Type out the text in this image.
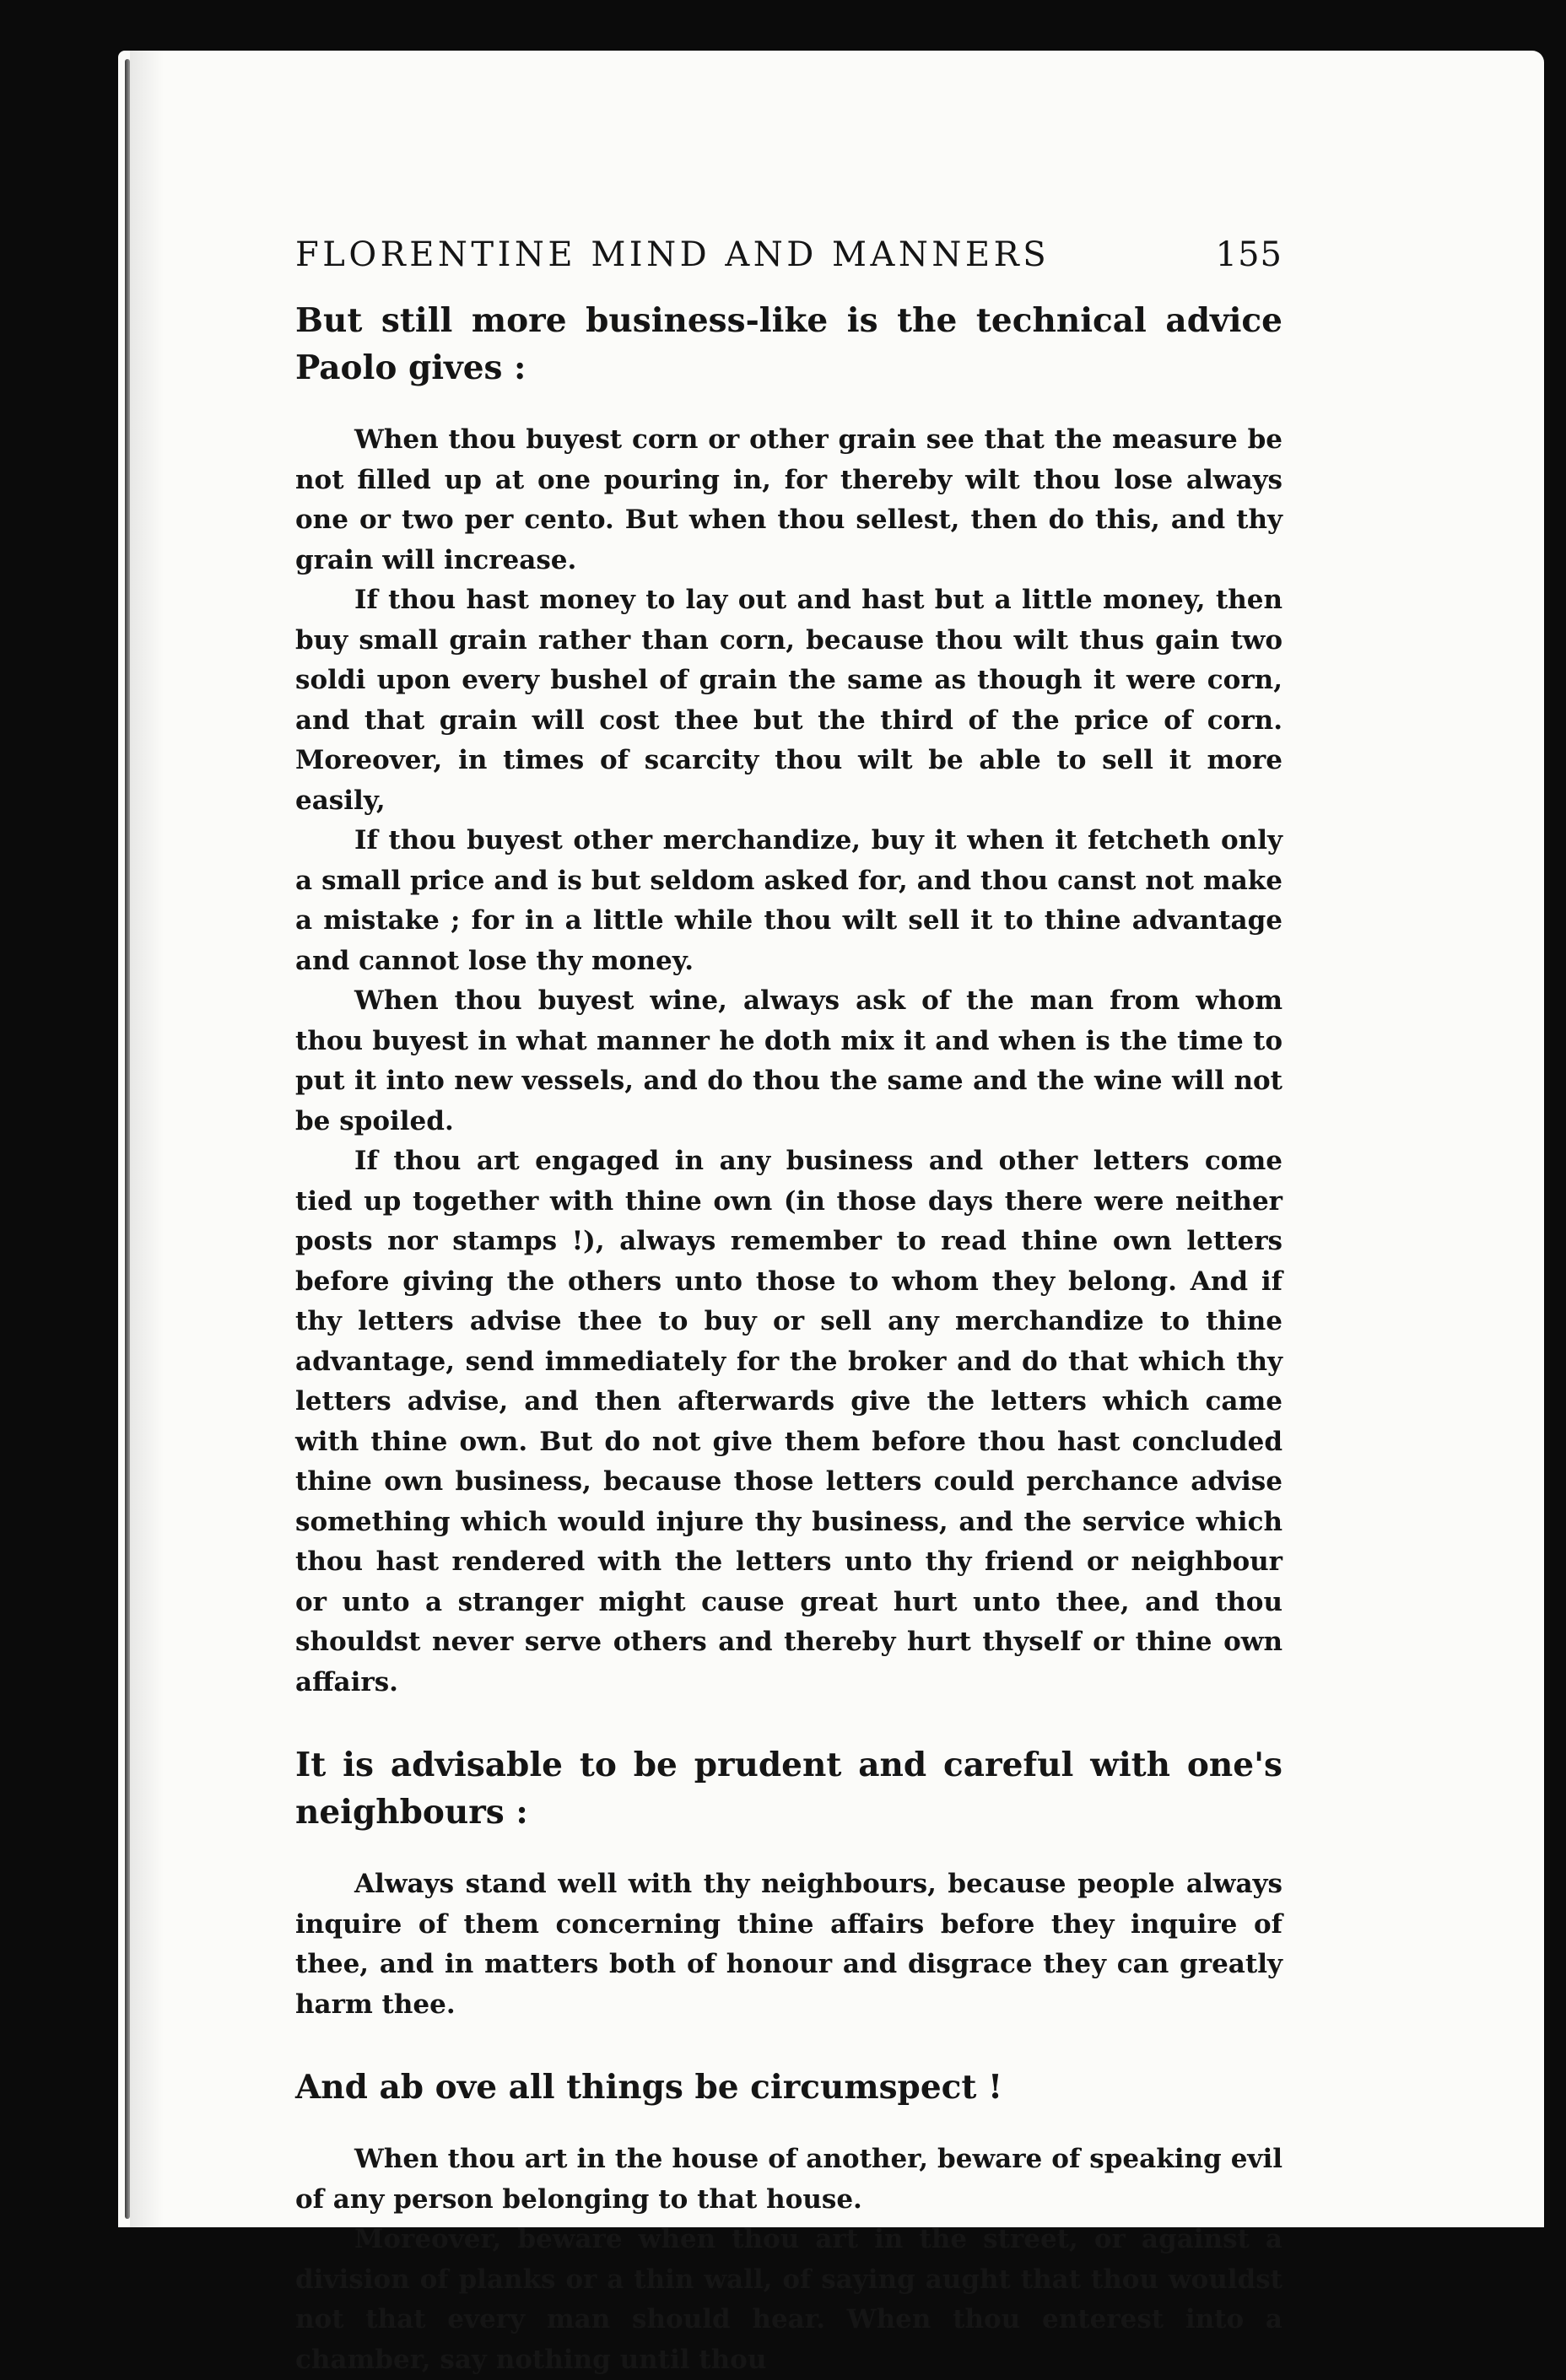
FLORENTINE MIND AND MANNERS	155

But still more business-like is the technical advice Paolo gives :

When thou buyest corn or other grain see that the measure be not filled up at one pouring in, for thereby wilt thou lose always one or two per cento. But when thou sellest, then do this, and thy grain will increase.

If thou hast money to lay out and hast but a little money, then buy small grain rather than corn, because thou wilt thus gain two soldi upon every bushel of grain the same as though it were corn, and that grain will cost thee but the third of the price of corn. Moreover, in times of scarcity thou wilt be able to sell it more easily,

If thou buyest other merchandize, buy it when it fetcheth only a small price and is but seldom asked for, and thou canst not make a mistake ; for in a little while thou wilt sell it to thine advantage and cannot lose thy money.

When thou buyest wine, always ask of the man from whom thou buyest in what manner he doth mix it and when is the time to put it into new vessels, and do thou the same and the wine will not be spoiled.

If thou art engaged in any business and other letters come tied up together with thine own (in those days there were neither posts nor stamps !), always remember to read thine own letters before giving the others unto those to whom they belong. And if thy letters advise thee to buy or sell any merchandize to thine advantage, send immediately for the broker and do that which thy letters advise, and then afterwards give the letters which came with thine own. But do not give them before thou hast concluded thine own business, because those letters could perchance advise something which would injure thy business, and the service which thou hast rendered with the letters unto thy friend or neighbour or unto a stranger might cause great hurt unto thee, and thou shouldst never serve others and thereby hurt thyself or thine own affairs.

It is advisable to be prudent and careful with one's neighbours :

Always stand well with thy neighbours, because people always inquire of them concerning thine affairs before they inquire of thee, and in matters both of honour and disgrace they can greatly harm thee.

And ab ove all things be circumspect !

When thou art in the house of another, beware of speaking evil of any person belonging to that house.

Moreover, beware when thou art in the street, or against a division of planks or a thin wall, of saying aught that thou wouldst not that every man should hear. When thou enterest into a chamber, say nothing until thou
